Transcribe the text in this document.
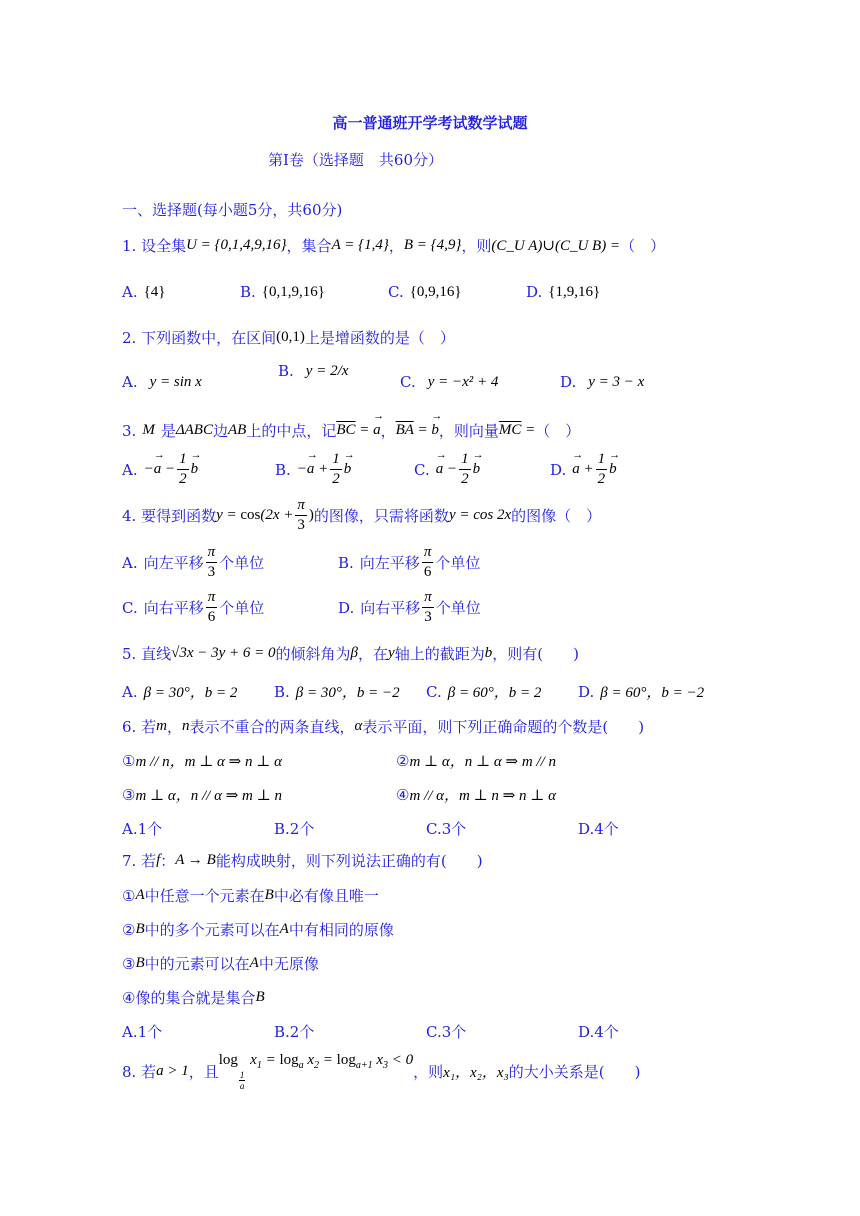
高一普通班开学考试数学试题
第Ⅰ卷（选择题　共60分）
一、选择题(每小题5分，共60分)
1. 设全集 U = {0,1,4,9,16} ，集合 A = {1,4} ， B = {4,9} ，则 (C_U A)∪(C_U B) = （　）
A. {4}	B. {0,1,9,16}	C. {0,9,16}	D. {1,9,16}
2. 下列函数中，在区间 (0,1) 上是增函数的是（　）
A. y = sin x
B. y = 2/x
C. y = −x² + 4	D. y = 3 − x
3. M 是 ΔABC 边 AB 上的中点，记 $\overline{BC}$ = → a ， $\overline{BA}$ = → b ，则向量 $\overline{MC}$ = （　）
A. −→ $a - \frac{1}{2} \to b$	B. −→ $a + \frac{1}{2} \to b$	C. → $a - \frac{1}{2} \to b$	D. → $a + \frac{1}{2} \to b$
4. 要得到函数 $y = \cos(2x + \frac{\pi}{3}$ ) 的图像，只需将函数 y = cos 2x 的图像（　）
A. 向左平移 $\frac{\pi}{3}$ 个单位	B. 向左平移 $\frac{\pi}{6}$ 个单位
C. 向右平移 $\frac{\pi}{6}$ 个单位	D. 向右平移 $\frac{\pi}{3}$ 个单位
5. 直线 √3x − 3y + 6 = 0 的倾斜角为 β ，在 y 轴上的截距为 b ，则有(　　)
A. β = 30°，b = 2 B. β = 30°，b = −2 C. β = 60°，b = 2 D. β = 60°，b = −2
6. 若 m ， n 表示不重合的两条直线， α 表示平面，则下列正确命题的个数是(　　)
① m // n，m ⊥ α ⇒ n ⊥ α	② m ⊥ α，n ⊥ α ⇒ m // n
③ m ⊥ α，n // α ⇒ m ⊥ n	④ m // α，m ⊥ n ⇒ n ⊥ α
A. 1个	B. 2个	C. 3个	D. 4个
7. 若 f ： A → B 能构成映射，则下列说法正确的有(　　)
① A 中任意一个元素在 B 中必有像且唯一
② B 中的多个元素可以在 A 中有相同的原像
③ B 中的元素可以在 A 中无原像
④ 像的集合就是集合 B
A. 1个	B. 2个	C. 3个	D. 4个
8. 若 a > 1 ，且
log
$\frac{1}{a}$
$x_1 = \log_a x_2 = \log_{a+1} x_3 < 0$
，则 x₁，x₂，x₃ 的大小关系是(　　)
